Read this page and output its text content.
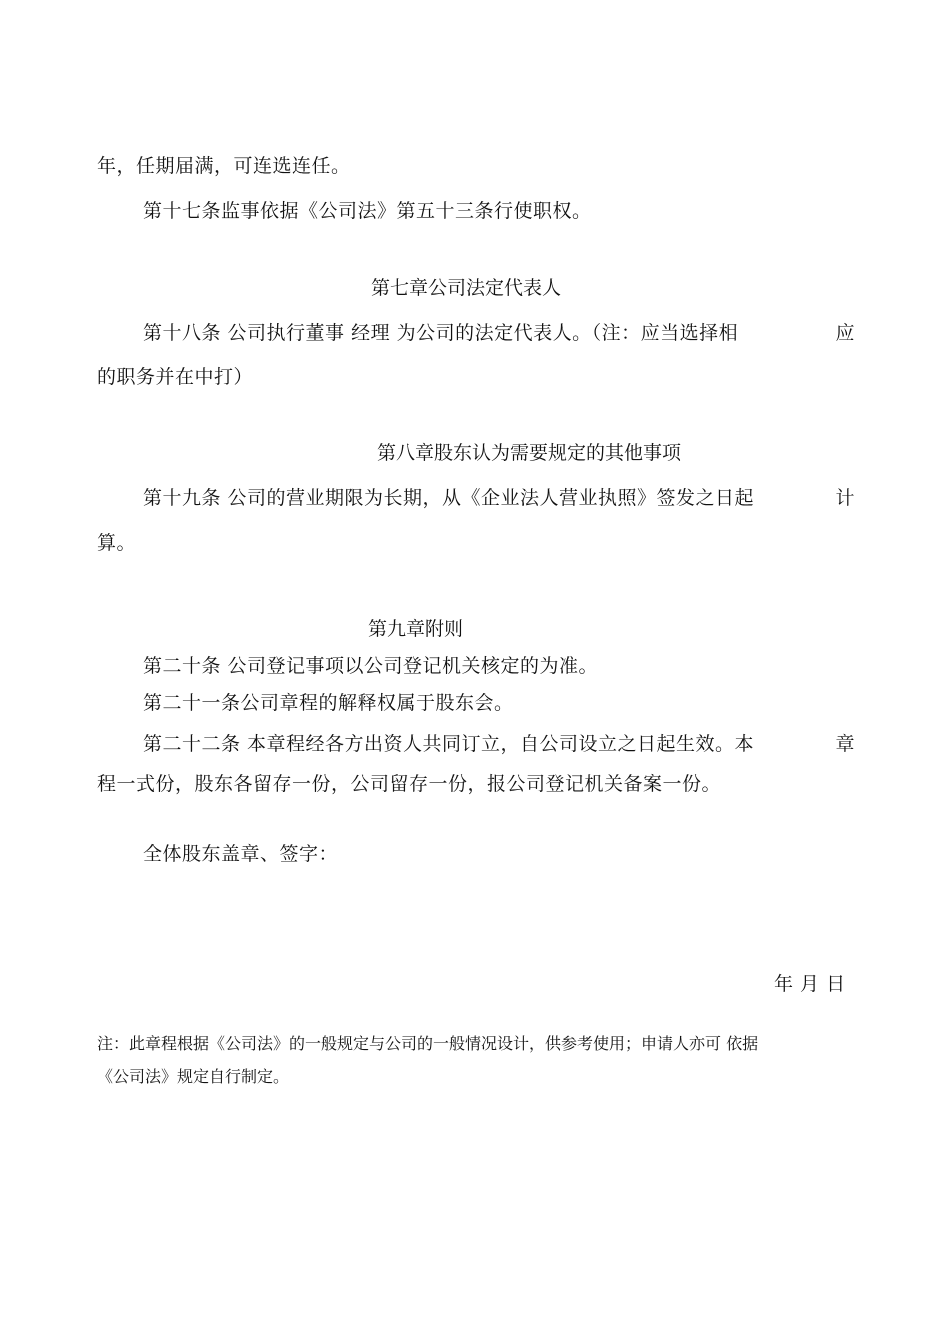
年，任期届满，可连选连任。
第十七条监事依据《公司法》第五十三条行使职权。
第七章公司法定代表人
第十八条 公司执行董事 经理 为公司的法定代表人。（注：应当选择相	应
的职务并在中打）
第八章股东认为需要规定的其他事项
第十九条 公司的营业期限为长期，从《企业法人营业执照》签发之日起	计
算。
第九章附则
第二十条 公司登记事项以公司登记机关核定的为准。
第二十一条公司章程的解释权属于股东会。
第二十二条 本章程经各方出资人共同订立，自公司设立之日起生效。本	章
程一式份，股东各留存一份，公司留存一份，报公司登记机关备案一份。
全体股东盖章、签字：
年 月 日
注：此章程根据《公司法》的一般规定与公司的一般情况设计，供参考使用；申请人亦可 依据
《公司法》规定自行制定。
